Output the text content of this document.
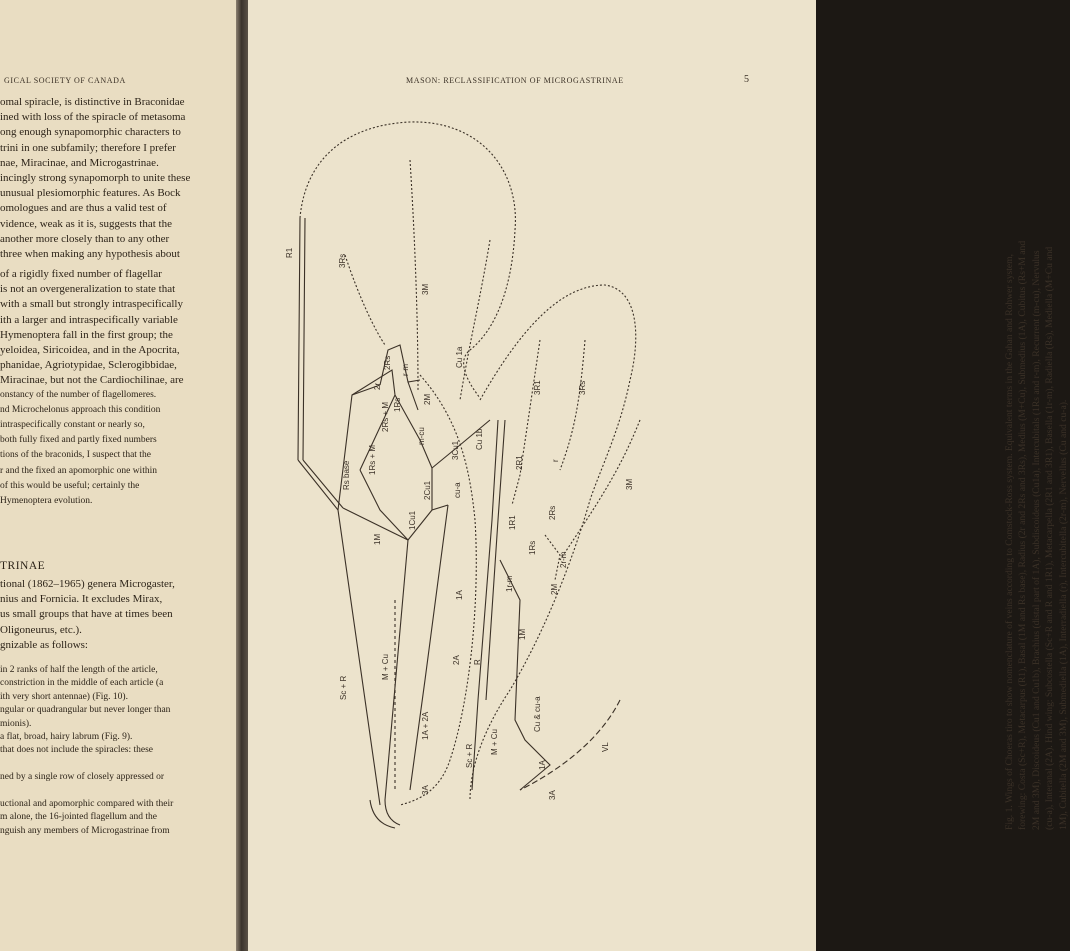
GICAL SOCIETY OF CANADA
omal spiracle, is distinctive in Braconidae
ined with loss of the spiracle of metasoma
ong enough synapomorphic characters to
trini in one subfamily; therefore I prefer
nae, Miracinae, and Microgastrinae.
incingly strong synapomorph to unite these
unusual plesiomorphic features. As Bock
omologues and are thus a valid test of
vidence, weak as it is, suggests that the
another more closely than to any other
three when making any hypothesis about
of a rigidly fixed number of flagellar
is not an overgeneralization to state that
with a small but strongly intraspecifically
ith a larger and intraspecifically variable
Hymenoptera fall in the first group; the
yeloidea, Siricoidea, and in the Apocrita,
phanidae, Agriotypidae, Sclerogibbidae,
Miracinae, but not the Cardiochilinae, are
onstancy of the number of flagellomeres.
nd Microchelonus approach this condition
intraspecifically constant or nearly so,
both fully fixed and partly fixed numbers
tions of the braconids, I suspect that the
r and the fixed an apomorphic one within
of this would be useful; certainly the
Hymenoptera evolution.
TRINAE
tional (1862–1965) genera Microgaster,
nius and Fornicia. It excludes Mirax,
us small groups that have at times been
Oligoneurus, etc.).
gnizable as follows:
in 2 ranks of half the length of the article,
constriction in the middle of each article (a
ith very short antennae) (Fig. 10).
ngular or quadrangular but never longer than
mionis).
a flat, broad, hairy labrum (Fig. 9).
that does not include the spiracles: these
ned by a single row of closely appressed or
uctional and apomorphic compared with their
m alone, the 16-jointed flagellum and the
nguish any members of Microgastrinae from
MASON: RECLASSIFICATION OF MICROGASTRINAE	5
Fig. 1. Wings of Choeras tiro to show nomenclature of veins according to Comstock-Ross system. Equivalent terms in the Gahan and Rohwer system, forewing: Costa (Sc+R), Metacarpus (R1), Basal (1M and Rs base), Radius (2r and 2Rs and 3Rs), Medius (M+Cu), Submedius (1A), Cubitus (Rs+M and 2M and 3M), Discoideus (Cu1 and Cu1b), Brachius (distal part of 1A), Subdiscoideus (Cu1a), Intercubitals (1Rs and r-m), Recurrent (m-cu), Nervulus (cu-a), Interanal (2A). Hind wing: Subcostella (Sc+R and R and 1R1), Metacarpella (2R1 and 3R1), Basella (1r-m), Radiella (Rs), Mediella (M+Cu and 1M), Cubitella (2M and 3M), Submediella (1A), Interradiella (r), Intercubitella (2r-m), Nervellus (Cu and cu-a).
R1
3Rs
3M
Cu 1a
r-m
2Rs
2r
2Rs + M 1Rs	2M
m-cu
1Rs + M
Rs base
3Cu1
Cu 1b
2Cu1	cu-a
1Cu1
1M
M + Cu
Sc + R
1A
2A
1A + 2A
3A
3R1	3Rs
r
3M
2R1
1R1
2Rs
1Rs
2r-m
1r-m	2M
1M
R
Cu & cu-a
M + Cu
Sc + R	1A
3A
VL
